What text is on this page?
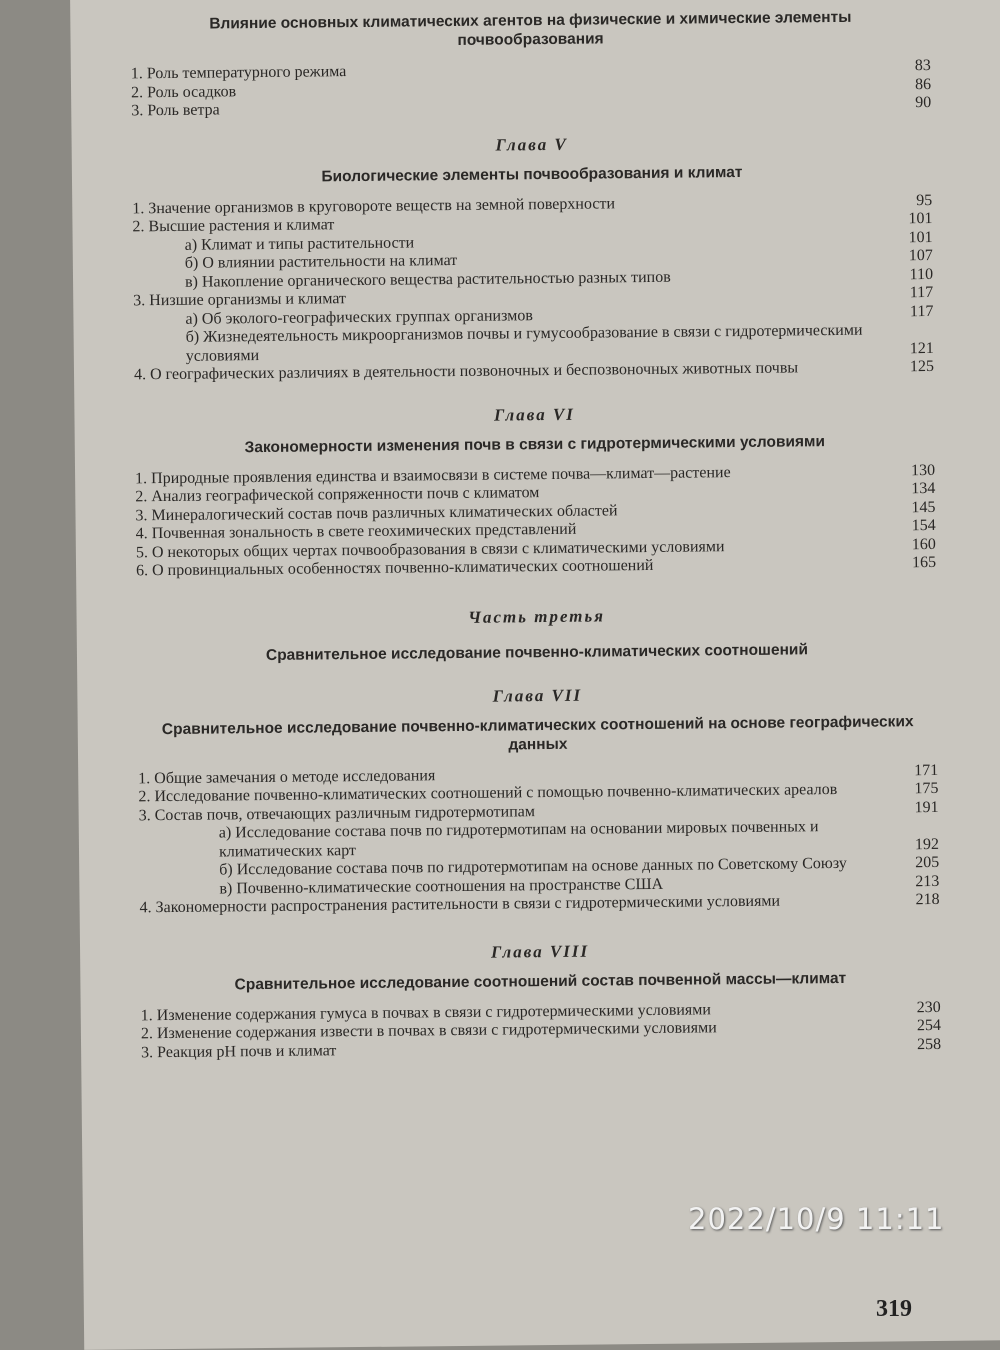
Влияние основных климатических агентов на физические и химические элементы почвообразования
1. Роль температурного режима	83
2. Роль осадков	86
3. Роль ветра	90
Глава V
Биологические элементы почвообразования и климат
1. Значение организмов в круговороте веществ на земной поверхности	95
2. Высшие растения и климат	101
а) Климат и типы растительности	101
б) О влиянии растительности на климат	107
в) Накопление органического вещества растительностью разных типов	110
3. Низшие организмы и климат	117
а) Об эколого-географических группах организмов	117
б) Жизнедеятельность микроорганизмов почвы и гумусообразование в связи с гидротермическими условиями	121
4. О географических различиях в деятельности позвоночных и беспозвоночных животных почвы	125
Глава VI
Закономерности изменения почв в связи с гидротермическими условиями
1. Природные проявления единства и взаимосвязи в системе почва—климат—растение	130
2. Анализ географической сопряженности почв с климатом	134
3. Минералогический состав почв различных климатических областей	145
4. Почвенная зональность в свете геохимических представлений	154
5. О некоторых общих чертах почвообразования в связи с климатическими условиями	160
6. О провинциальных особенностях почвенно-климатических соотношений	165
Часть третья
Сравнительное исследование почвенно-климатических соотношений
Глава VII
Сравнительное исследование почвенно-климатических соотношений на основе географических данных
1. Общие замечания о методе исследования	171
2. Исследование почвенно-климатических соотношений с помощью почвенно-климатических ареалов	175
3. Состав почв, отвечающих различным гидротермотипам	191
а) Исследование состава почв по гидротермотипам на основании мировых почвенных и климатических карт	192
б) Исследование состава почв по гидротермотипам на основе данных по Советскому Союзу	205
в) Почвенно-климатические соотношения на пространстве США	213
4. Закономерности распространения растительности в связи с гидротермическими условиями	218
Глава VIII
Сравнительное исследование соотношений состав почвенной массы—климат
1. Изменение содержания гумуса в почвах в связи с гидротермическими условиями	230
2. Изменение содержания извести в почвах в связи с гидротермическими условиями	254
3. Реакция pH почв и климат	258
319
2022/10/9 11:11
